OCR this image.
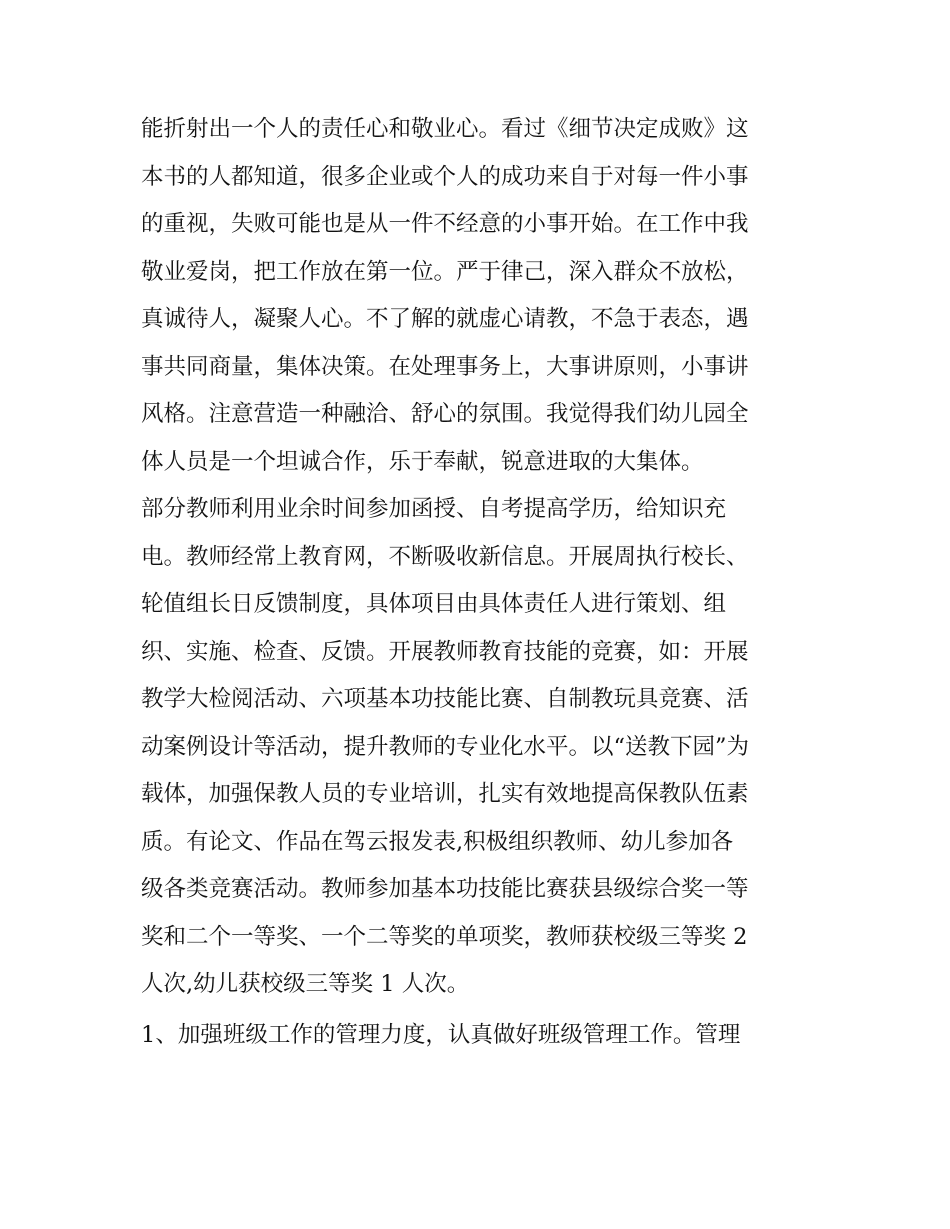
能折射出一个人的责任心和敬业心。看过《细节决定成败》这
本书的人都知道，很多企业或个人的成功来自于对每一件小事
的重视，失败可能也是从一件不经意的小事开始。在工作中我
敬业爱岗，把工作放在第一位。严于律己，深入群众不放松，
真诚待人，凝聚人心。不了解的就虚心请教，不急于表态，遇
事共同商量，集体决策。在处理事务上，大事讲原则，小事讲
风格。注意营造一种融洽、舒心的氛围。我觉得我们幼儿园全
体人员是一个坦诚合作，乐于奉献，锐意进取的大集体。
部分教师利用业余时间参加函授、自考提高学历，给知识充
电。教师经常上教育网，不断吸收新信息。开展周执行校长、
轮值组长日反馈制度，具体项目由具体责任人进行策划、组
织、实施、检查、反馈。开展教师教育技能的竞赛，如：开展
教学大检阅活动、六项基本功技能比赛、自制教玩具竞赛、活
动案例设计等活动，提升教师的专业化水平。以“送教下园”为
载体，加强保教人员的专业培训，扎实有效地提高保教队伍素
质。有论文、作品在驾云报发表,积极组织教师、幼儿参加各
级各类竞赛活动。教师参加基本功技能比赛获县级综合奖一等
奖和二个一等奖、一个二等奖的单项奖，教师获校级三等奖 2
人次,幼儿获校级三等奖 1 人次。
1、加强班级工作的管理力度，认真做好班级管理工作。管理
